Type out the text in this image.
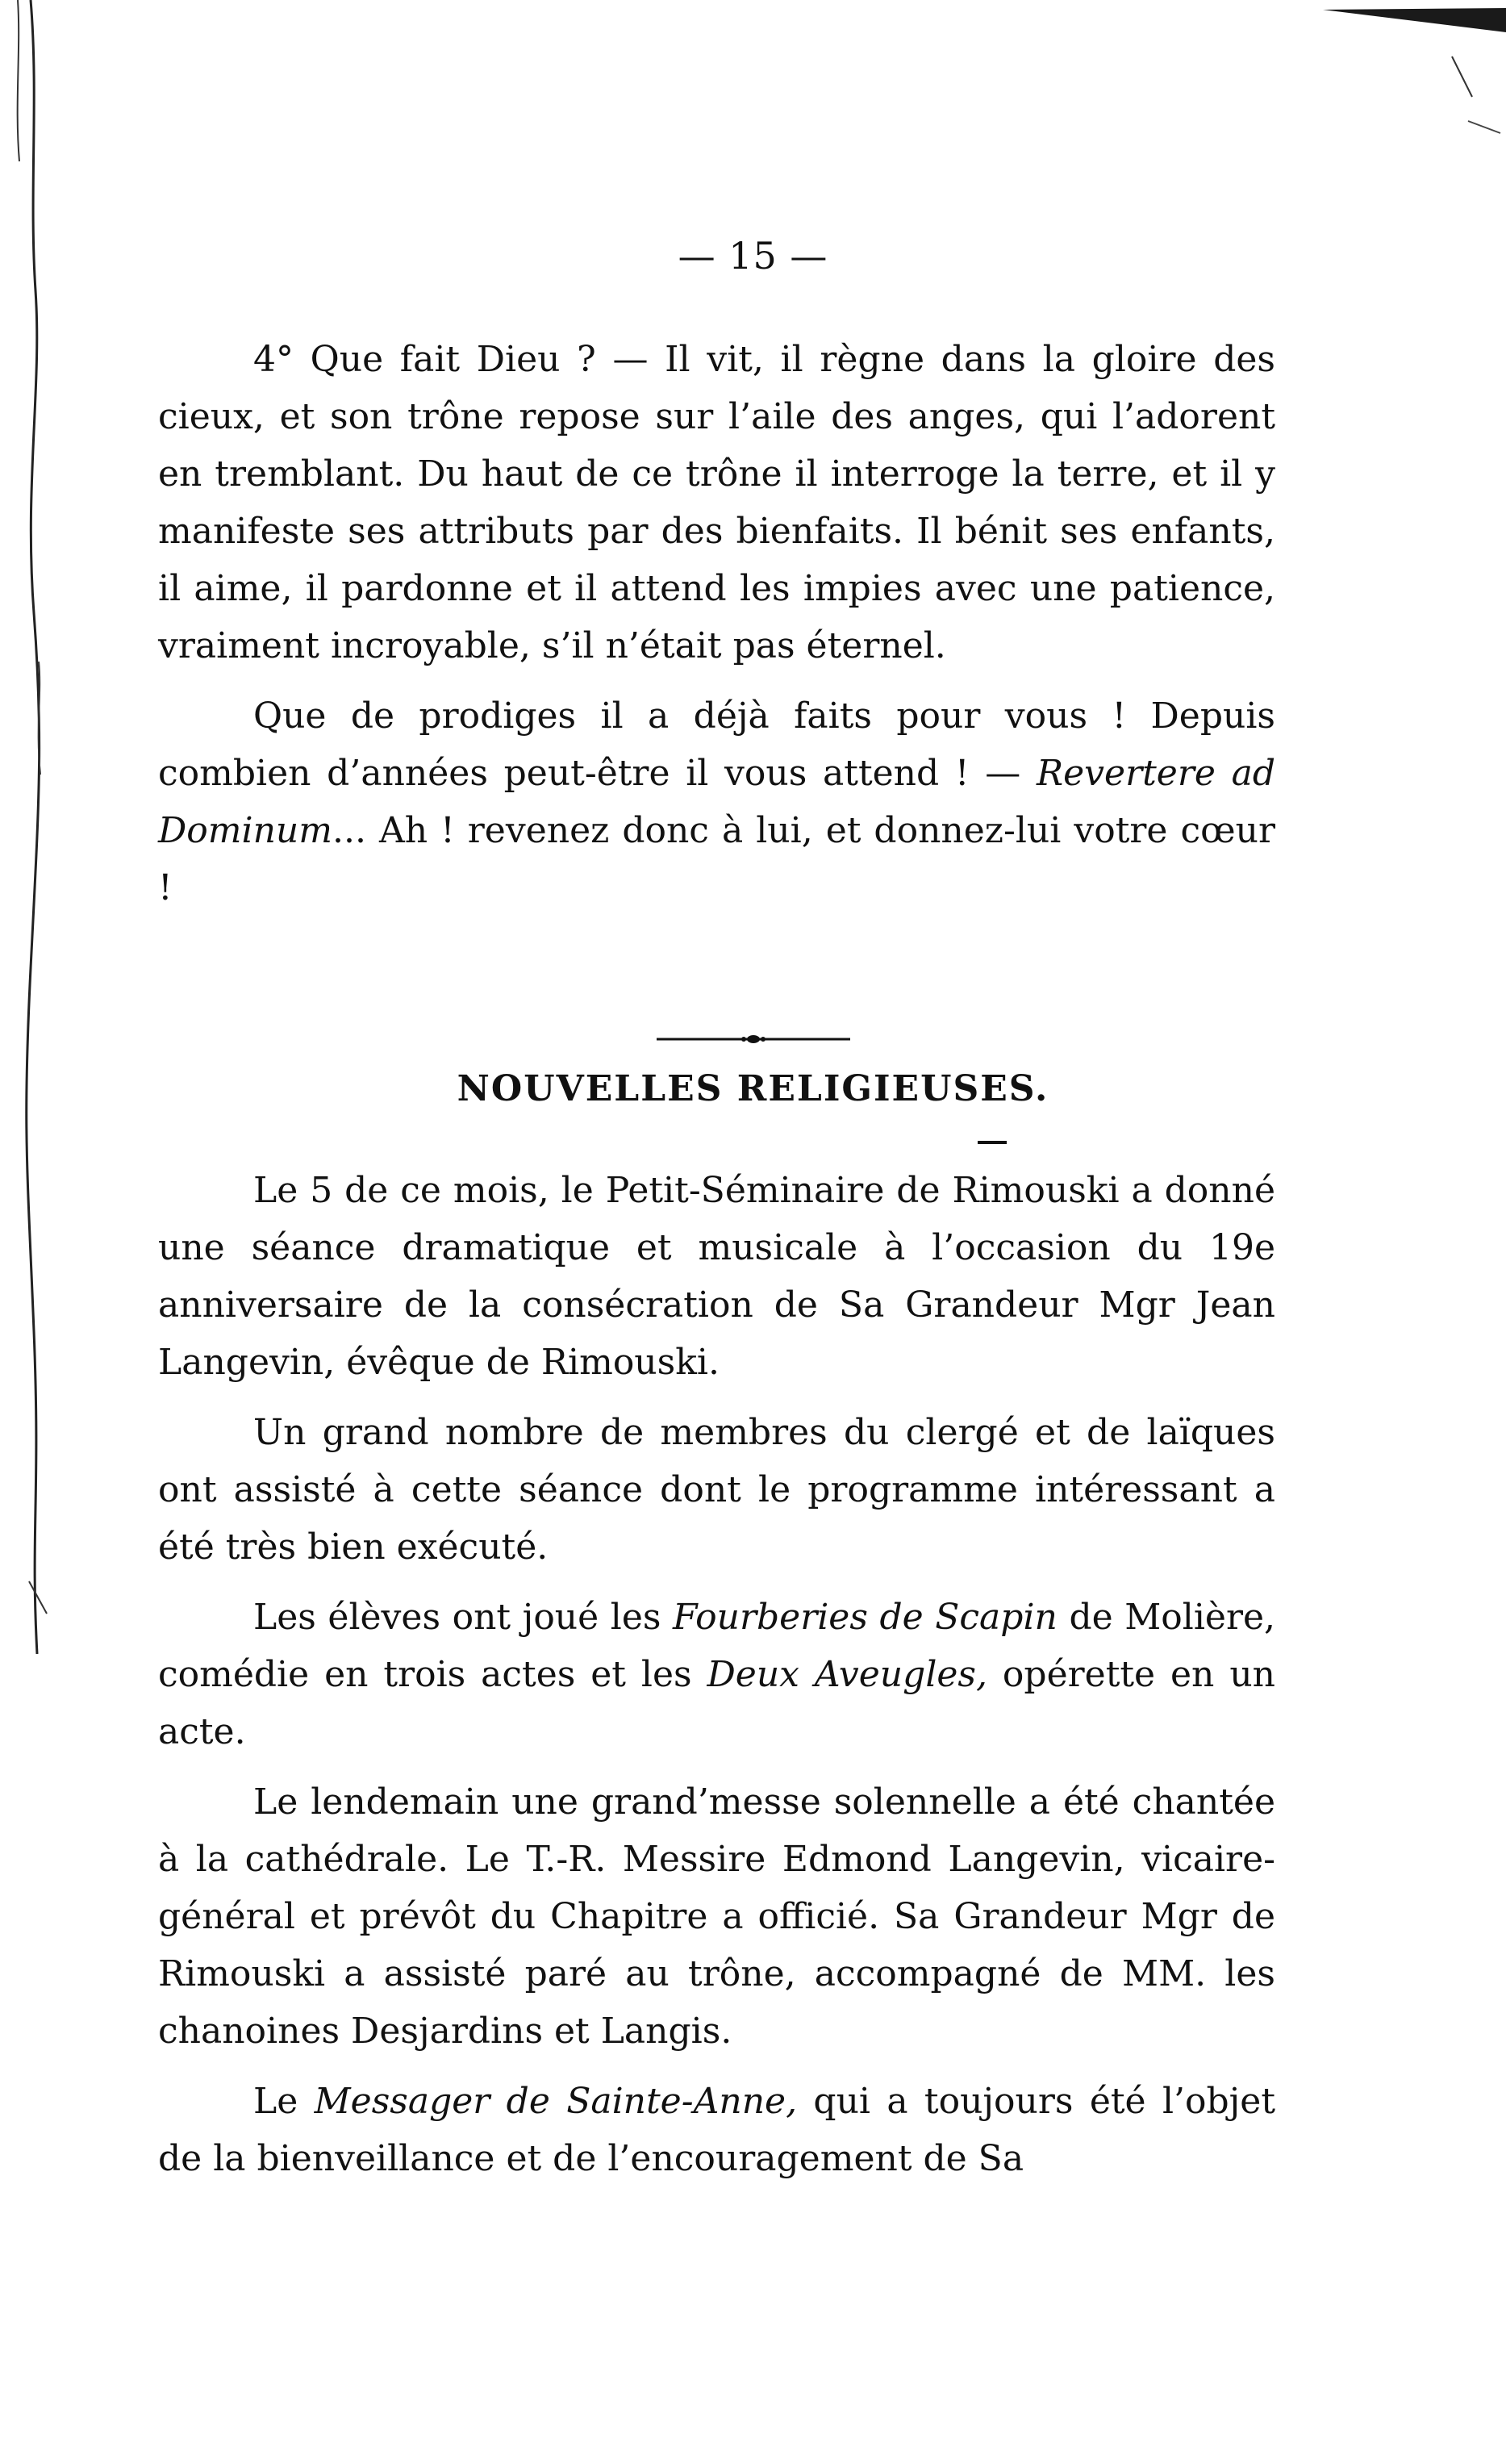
— 15 —

4° Que fait Dieu ? — Il vit, il règne dans la gloire des cieux, et son trône repose sur l’aile des anges, qui l’adorent en tremblant. Du haut de ce trône il interroge la terre, et il y manifeste ses attributs par des bienfaits. Il bénit ses enfants, il aime, il pardonne et il attend les impies avec une patience, vraiment incroyable, s’il n’était pas éternel.

Que de prodiges il a déjà faits pour vous ! Depuis combien d’années peut-être il vous attend ! — Revertere ad Dominum... Ah ! revenez donc à lui, et donnez-lui votre cœur !

NOUVELLES RELIGIEUSES.

Le 5 de ce mois, le Petit-Séminaire de Rimouski a donné une séance dramatique et musicale à l’occasion du 19e anniversaire de la consécration de Sa Grandeur Mgr Jean Langevin, évêque de Rimouski.

Un grand nombre de membres du clergé et de laïques ont assisté à cette séance dont le programme intéressant a été très bien exécuté.

Les élèves ont joué les Fourberies de Scapin de Molière, comédie en trois actes et les Deux Aveugles, opérette en un acte.

Le lendemain une grand’messe solennelle a été chantée à la cathédrale. Le T.-R. Messire Edmond Langevin, vicaire-général et prévôt du Chapitre a officié. Sa Grandeur Mgr de Rimouski a assisté paré au trône, accompagné de MM. les chanoines Desjardins et Langis.

Le Messager de Sainte-Anne, qui a toujours été l’objet de la bienveillance et de l’encouragement de Sa
